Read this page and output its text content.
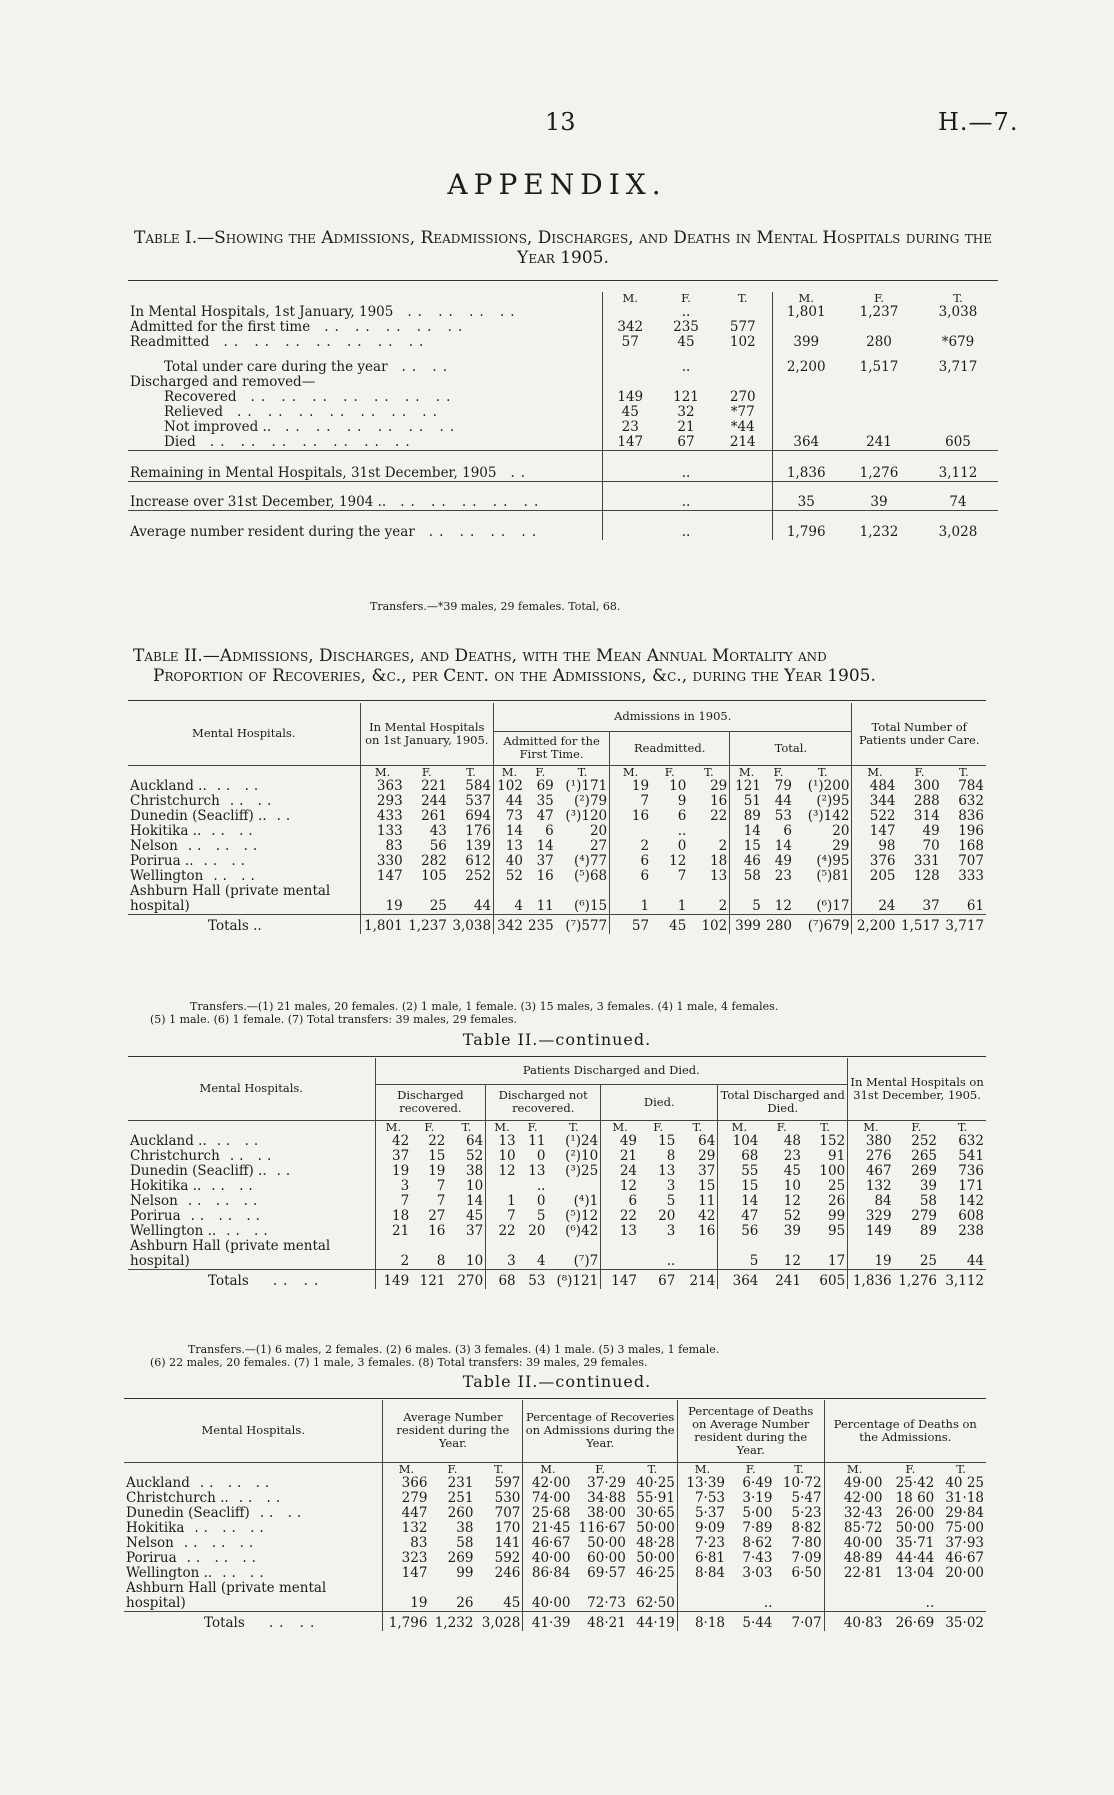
13	H.—7.
APPENDIX.
Table I.—Showing the Admissions, Readmissions, Discharges, and Deaths in Mental Hospitals during the Year 1905.
	M.	F.	T.	M.	F.	T.
In Mental Hospitals, 1st January, 1905 .. .. .. ..		..		1,801	1,237	3,038
Admitted for the first time .. .. .. .. ..	342	235	577			
Readmitted .. .. .. .. .. .. ..	57	45	102	399	280	*679
Total under care during the year .. ..		..		2,200	1,517	3,717
Discharged and removed—						
Recovered .. .. .. .. .. .. ..	149	121	270			
Relieved .. .. .. .. .. .. ..	45	32	*77			
Not improved .. .. .. .. .. .. ..	23	21	*44			
Died .. .. .. .. .. .. ..	147	67	214	364	241	605
Remaining in Mental Hospitals, 31st December, 1905 ..		..		1,836	1,276	3,112
Increase over 31st December, 1904 .. .. .. .. .. ..		..		35	39	74
Average number resident during the year .. .. .. ..		..		1,796	1,232	3,028
Transfers.—*39 males, 29 females. Total, 68.
Table II.—Admissions, Discharges, and Deaths, with the Mean Annual Mortality and
Proportion of Recoveries, &c., per Cent. on the Admissions, &c., during the Year 1905.
Mental Hospitals.	In Mental Hospitals on 1st January, 1905.			Admissions in 1905.									Total Number of Patients under Care.		
				Admitted for the First Time.			Readmitted.			Total.					
	M.	F.	T.	M.	F.	T.	M.	F.	T.	M.	F.	T.	M.	F.	T.
Auckland .. .. ..	363	221	584	102	69	(¹)171	19	10	29	121	79	(¹)200	484	300	784
Christchurch .. ..	293	244	537	44	35	(²)79	7	9	16	51	44	(²)95	344	288	632
Dunedin (Seacliff) .. ..	433	261	694	73	47	(³)120	16	6	22	89	53	(³)142	522	314	836
Hokitika .. .. ..	133	43	176	14	6	20		..		14	6	20	147	49	196
Nelson .. .. ..	83	56	139	13	14	27	2	0	2	15	14	29	98	70	168
Porirua .. .. ..	330	282	612	40	37	(⁴)77	6	12	18	46	49	(⁴)95	376	331	707
Wellington .. ..	147	105	252	52	16	(⁵)68	6	7	13	58	23	(⁵)81	205	128	333
Ashburn Hall (private mental hospital)	19	25	44	4	11	(⁶)15	1	1	2	5	12	(⁶)17	24	37	61
Totals ..	1,801	1,237	3,038	342	235	(⁷)577	57	45	102	399	280	(⁷)679	2,200	1,517	3,717
Transfers.—(1) 21 males, 20 females. (2) 1 male, 1 female. (3) 15 males, 3 females. (4) 1 male, 4 females.
(5) 1 male. (6) 1 female. (7) Total transfers: 39 males, 29 females.
Table II.—continued.
Mental Hospitals.	Patients Discharged and Died.												In Mental Hospitals on 31st December, 1905.		
	Discharged recovered.			Discharged not recovered.			Died.			Total Discharged and Died.					
	M.	F.	T.	M.	F.	T.	M.	F.	T.	M.	F.	T.	M.	F.	T.
Auckland .. .. ..	42	22	64	13	11	(¹)24	49	15	64	104	48	152	380	252	632
Christchurch .. ..	37	15	52	10	0	(²)10	21	8	29	68	23	91	276	265	541
Dunedin (Seacliff) .. ..	19	19	38	12	13	(³)25	24	13	37	55	45	100	467	269	736
Hokitika .. .. ..	3	7	10		..		12	3	15	15	10	25	132	39	171
Nelson .. .. ..	7	7	14	1	0	(⁴)1	6	5	11	14	12	26	84	58	142
Porirua .. .. ..	18	27	45	7	5	(⁵)12	22	20	42	47	52	99	329	279	608
Wellington .. .. ..	21	16	37	22	20	(⁶)42	13	3	16	56	39	95	149	89	238
Ashburn Hall (private mental hospital)	2	8	10	3	4	(⁷)7		..		5	12	17	19	25	44
Totals .. ..	149	121	270	68	53	(⁸)121	147	67	214	364	241	605	1,836	1,276	3,112
Transfers.—(1) 6 males, 2 females. (2) 6 males. (3) 3 females. (4) 1 male. (5) 3 males, 1 female.
(6) 22 males, 20 females. (7) 1 male, 3 females. (8) Total transfers: 39 males, 29 females.
Table II.—continued.
Mental Hospitals.	Average Number resident during the Year.			Percentage of Recoveries on Admissions during the Year.			Percentage of Deaths on Average Number resident during the Year.			Percentage of Deaths on the Admissions.		
	M.	F.	T.	M.	F.	T.	M.	F.	T.	M.	F.	T.
Auckland .. .. ..	366	231	597	42·00	37·29	40·25	13·39	6·49	10·72	49·00	25·42	40 25
Christchurch .. .. ..	279	251	530	74·00	34·88	55·91	7·53	3·19	5·47	42·00	18 60	31·18
Dunedin (Seacliff) .. ..	447	260	707	25·68	38·00	30·65	5·37	5·00	5·23	32·43	26·00	29·84
Hokitika .. .. ..	132	38	170	21·45	116·67	50·00	9·09	7·89	8·82	85·72	50·00	75·00
Nelson .. .. ..	83	58	141	46·67	50·00	48·28	7·23	8·62	7·80	40·00	35·71	37·93
Porirua .. .. ..	323	269	592	40·00	60·00	50·00	6·81	7·43	7·09	48·89	44·44	46·67
Wellington .. .. ..	147	99	246	86·84	69·57	46·25	8·84	3·03	6·50	22·81	13·04	20·00
Ashburn Hall (private mental hospital)	19	26	45	40·00	72·73	62·50		..			..	
Totals .. ..	1,796	1,232	3,028	41·39	48·21	44·19	8·18	5·44	7·07	40·83	26·69	35·02
